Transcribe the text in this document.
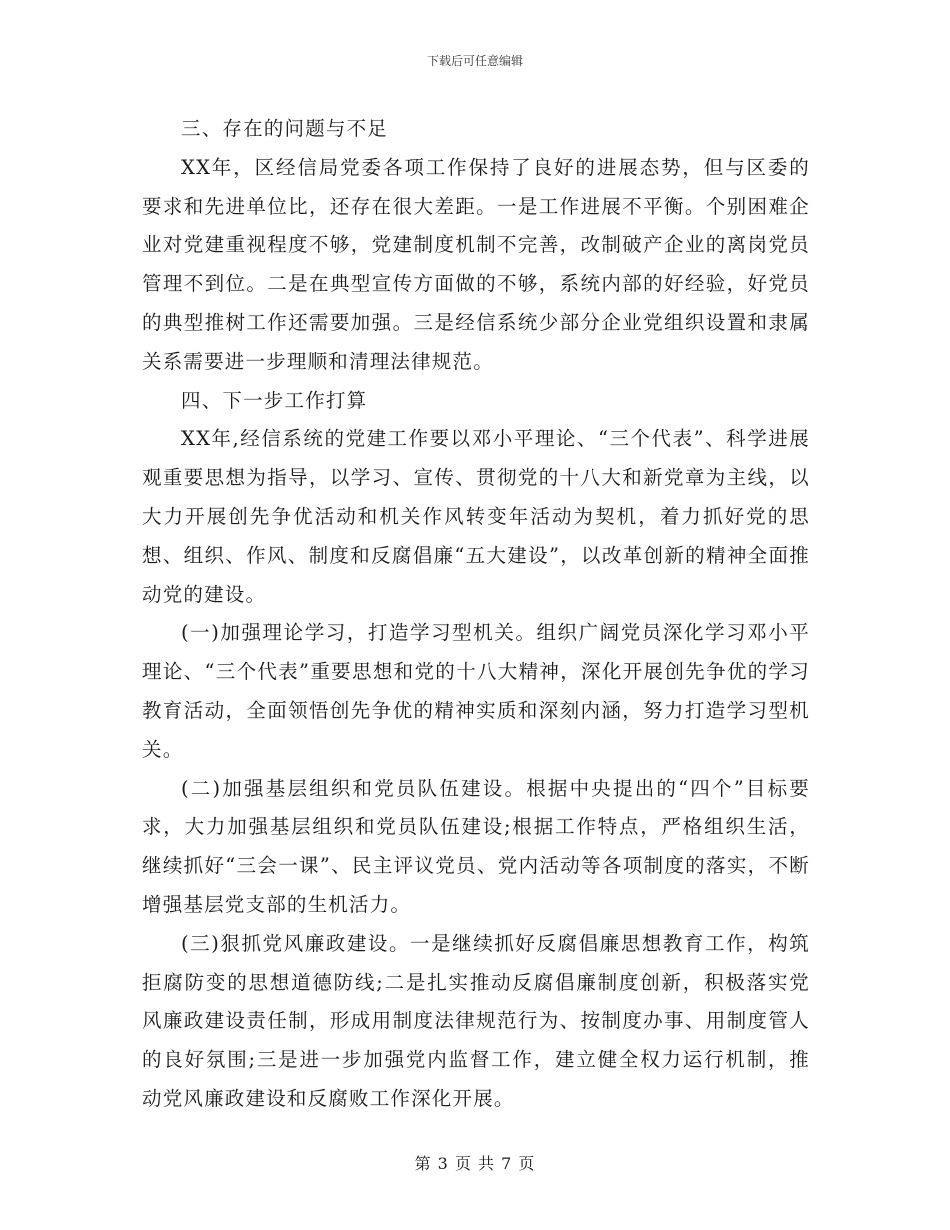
下载后可任意编辑

三、存在的问题与不足

XX年，区经信局党委各项工作保持了良好的进展态势，但与区委的要求和先进单位比，还存在很大差距。一是工作进展不平衡。个别困难企业对党建重视程度不够，党建制度机制不完善，改制破产企业的离岗党员管理不到位。二是在典型宣传方面做的不够，系统内部的好经验，好党员的典型推树工作还需要加强。三是经信系统少部分企业党组织设置和隶属关系需要进一步理顺和清理法律规范。

四、下一步工作打算

XX年,经信系统的党建工作要以邓小平理论、“三个代表”、科学进展观重要思想为指导，以学习、宣传、贯彻党的十八大和新党章为主线，以大力开展创先争优活动和机关作风转变年活动为契机，着力抓好党的思想、组织、作风、制度和反腐倡廉“五大建设”，以改革创新的精神全面推动党的建设。

(一)加强理论学习，打造学习型机关。组织广阔党员深化学习邓小平理论、“三个代表”重要思想和党的十八大精神，深化开展创先争优的学习教育活动，全面领悟创先争优的精神实质和深刻内涵，努力打造学习型机关。

(二)加强基层组织和党员队伍建设。根据中央提出的“四个”目标要求，大力加强基层组织和党员队伍建设;根据工作特点，严格组织生活，继续抓好“三会一课”、民主评议党员、党内活动等各项制度的落实，不断增强基层党支部的生机活力。

(三)狠抓党风廉政建设。一是继续抓好反腐倡廉思想教育工作，构筑拒腐防变的思想道德防线;二是扎实推动反腐倡廉制度创新，积极落实党风廉政建设责任制，形成用制度法律规范行为、按制度办事、用制度管人的良好氛围;三是进一步加强党内监督工作，建立健全权力运行机制，推动党风廉政建设和反腐败工作深化开展。

第 3 页 共 7 页
